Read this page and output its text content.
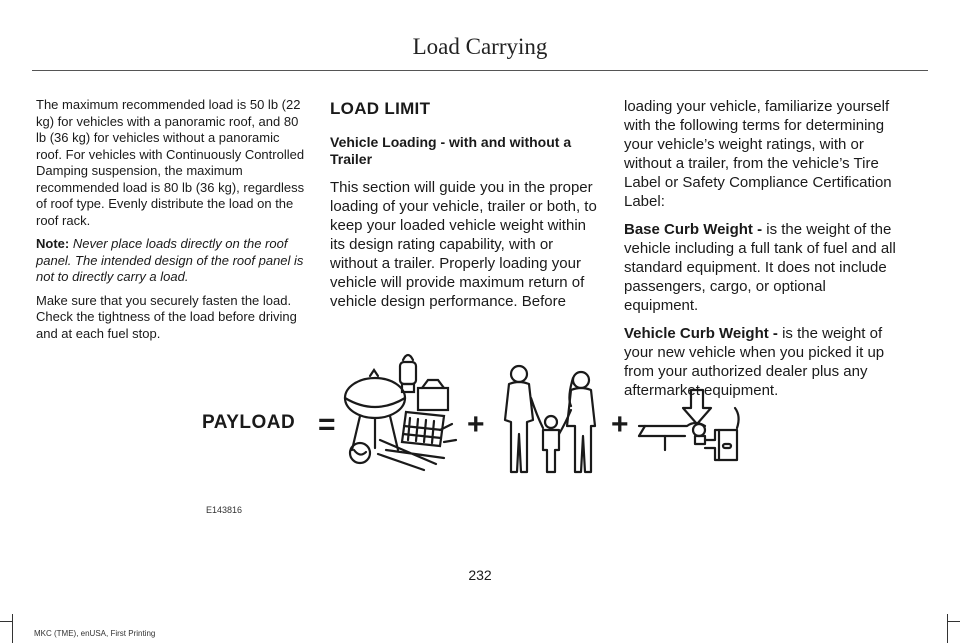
Load Carrying

The maximum recommended load is 50 lb (22 kg) for vehicles with a panoramic roof, and 80 lb (36 kg) for vehicles without a panoramic roof. For vehicles with Continuously Controlled Damping suspension, the maximum recommended load is 80 lb (36 kg), regardless of roof type. Evenly distribute the load on the roof rack.

Note: Never place loads directly on the roof panel. The intended design of the roof panel is not to directly carry a load.

Make sure that you securely fasten the load. Check the tightness of the load before driving and at each fuel stop.

LOAD LIMIT
Vehicle Loading - with and without a Trailer

This section will guide you in the proper loading of your vehicle, trailer or both, to keep your loaded vehicle weight within its design rating capability, with or without a trailer. Properly loading your vehicle will provide maximum return of vehicle design performance. Before

loading your vehicle, familiarize yourself with the following terms for determining your vehicle’s weight ratings, with or without a trailer, from the vehicle’s Tire Label or Safety Compliance Certification Label:

Base Curb Weight - is the weight of the vehicle including a full tank of fuel and all standard equipment. It does not include passengers, cargo, or optional equipment.

Vehicle Curb Weight - is the weight of your new vehicle when you picked it up from your authorized dealer plus any aftermarket equipment.

PAYLOAD =	+	+
E143816
232
MKC (TME), enUSA, First Printing
